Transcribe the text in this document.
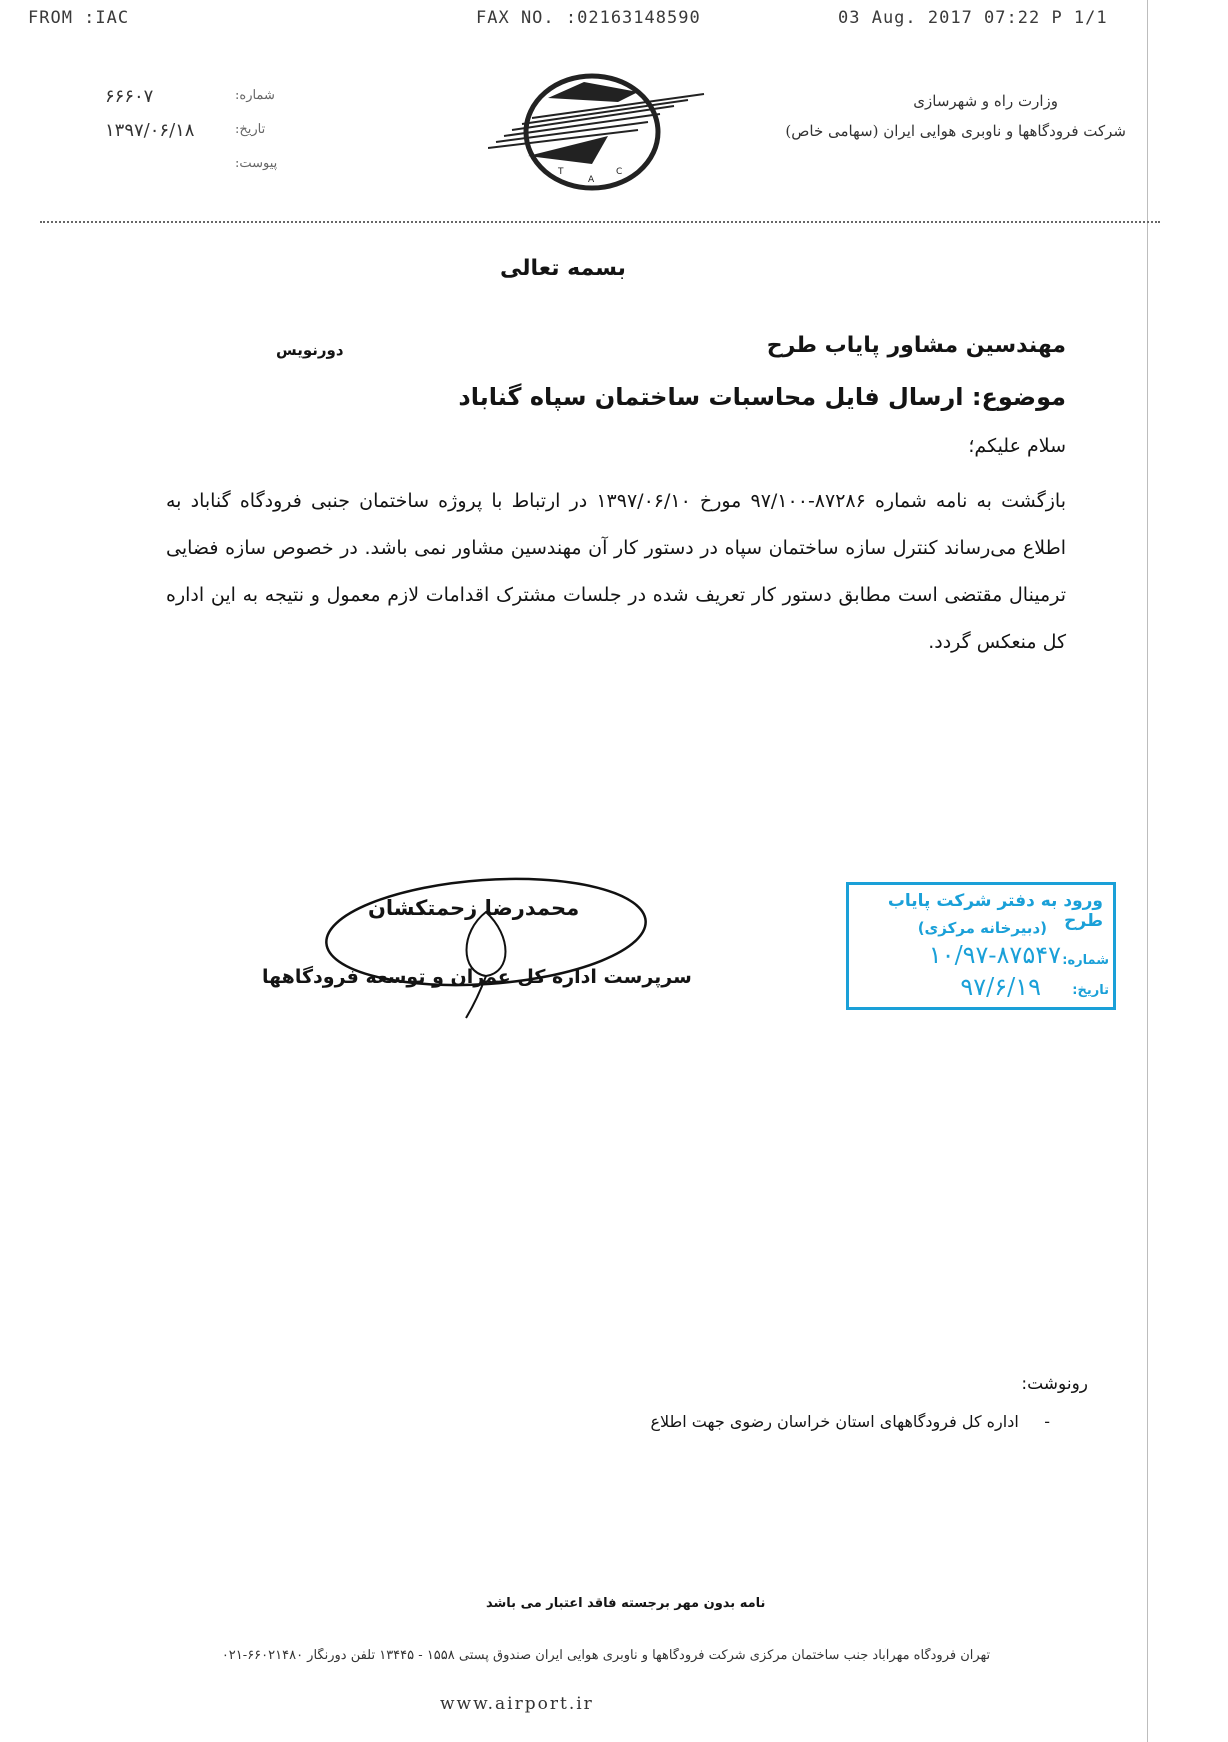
FROM :IAC	FAX NO. :02163148590	03 Aug. 2017 07:22 P 1/1
۶۶۶۰۷	شماره:
۱۳۹۷/۰۶/۱۸	تاریخ:
پیوست:
T
A
C
وزارت راه و شهرسازی
شرکت فرودگاهها و ناوبری هوایی ایران (سهامی خاص)
بسمه تعالی
مهندسین مشاور پایاب طرح
دورنویس
موضوع: ارسال فایل محاسبات ساختمان سپاه گناباد
سلام علیکم؛
بازگشت به نامه شماره ۸۷۲۸۶-۹۷/۱۰۰ مورخ ۱۳۹۷/۰۶/۱۰ در ارتباط با پروژه ساختمان جنبی فرودگاه گناباد به اطلاع می‌رساند کنترل سازه ساختمان سپاه در دستور کار آن مهندسین مشاور نمی باشد. در خصوص سازه فضایی ترمینال مقتضی است مطابق دستور کار تعریف شده در جلسات مشترک اقدامات لازم معمول و نتیجه به این اداره کل منعکس گردد.
محمدرضا زحمتکشان
سرپرست اداره کل عمران و توسعه فرودگاهها
ورود به دفتر شرکت پایاب طرح
(دبیرخانه مرکزی)
شماره:
۱۰/۹۷-۸۷۵۴۷
تاریخ:
۹۷/۶/۱۹
رونوشت:
-     اداره کل فرودگاههای استان خراسان رضوی جهت اطلاع
نامه بدون مهر برجسته فاقد اعتبار می باشد
تهران فرودگاه مهرآباد جنب ساختمان مرکزی شرکت فرودگاهها و ناوبری هوایی ایران صندوق پستی ۱۵۵۸ - ۱۳۴۴۵ تلفن دورنگار ۶۶۰۲۱۴۸۰-۰۲۱
www.airport.ir
